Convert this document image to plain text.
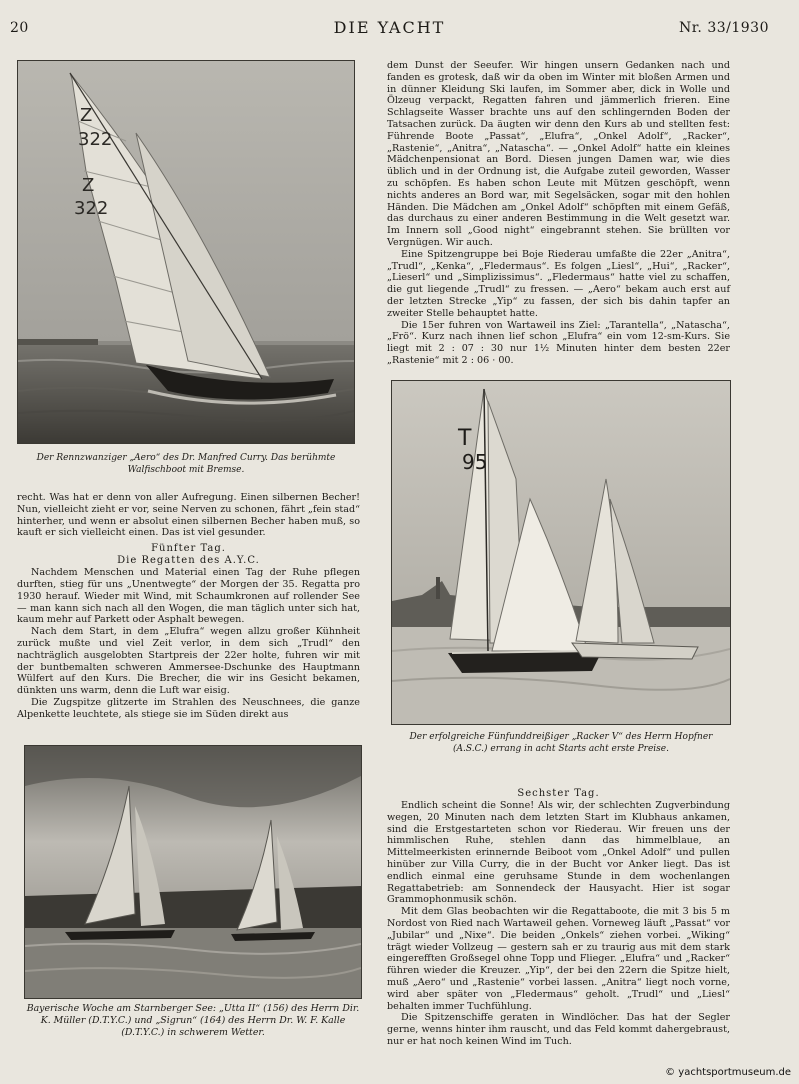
20	DIE YACHT	Nr. 33/1930
Z
322
Z
322
Der Rennzwanziger „Aero“ des Dr. Manfred Curry. Das berühmte Walfischboot mit Bremse.

recht. Was hat er denn von aller Aufregung. Einen silbernen Becher! Nun, vielleicht zieht er vor, seine Nerven zu schonen, fährt „fein stad“ hinterher, und wenn er absolut einen silbernen Becher haben muß, so kauft er sich vielleicht einen. Das ist viel gesunder.

Fünfter Tag.
Die Regatten des A.Y.C.

Nachdem Menschen und Material einen Tag der Ruhe pflegen durften, stieg für uns „Unentwegte“ der Morgen der 35. Regatta pro 1930 herauf. Wieder mit Wind, mit Schaumkronen auf rollender See — man kann sich nach all den Wogen, die man täglich unter sich hat, kaum mehr auf Parkett oder Asphalt bewegen.

Nach dem Start, in dem „Elufra“ wegen allzu großer Kühnheit zurück mußte und viel Zeit verlor, in dem sich „Trudl“ den nachträglich ausgelobten Startpreis der 22er holte, fuhren wir mit der buntbemalten schweren Ammersee-Dschunke des Hauptmann Wülfert auf den Kurs. Die Brecher, die wir ins Gesicht bekamen, dünkten uns warm, denn die Luft war eisig.

Die Zugspitze glitzerte im Strahlen des Neuschnees, die ganze Alpenkette leuchtete, als stiege sie im Süden direkt aus

Bayerische Woche am Starnberger See: „Utta II“ (156) des Herrn Dir. K. Müller (D.T.Y.C.) und „Sigrun“ (164) des Herrn Dr. W. F. Kalle (D.T.Y.C.) in schwerem Wetter.

dem Dunst der Seeufer. Wir hingen unsern Gedanken nach und fanden es grotesk, daß wir da oben im Winter mit bloßen Armen und in dünner Kleidung Ski laufen, im Sommer aber, dick in Wolle und Ölzeug verpackt, Regatten fahren und jämmerlich frieren. Eine Schlagseite Wasser brachte uns auf den schlingernden Boden der Tatsachen zurück. Da äugten wir denn den Kurs ab und stellten fest: Führende Boote „Passat“, „Elufra“, „Onkel Adolf“, „Racker“, „Rastenie“, „Anitra“, „Natascha“. — „Onkel Adolf“ hatte ein kleines Mädchenpensionat an Bord. Diesen jungen Damen war, wie dies üblich und in der Ordnung ist, die Aufgabe zuteil geworden, Wasser zu schöpfen. Es haben schon Leute mit Mützen geschöpft, wenn nichts anderes an Bord war, mit Segelsäcken, sogar mit den hohlen Händen. Die Mädchen am „Onkel Adolf“ schöpften mit einem Gefäß, das durchaus zu einer anderen Bestimmung in die Welt gesetzt war. Im Innern soll „Good night“ eingebrannt stehen. Sie brüllten vor Vergnügen. Wir auch.

Eine Spitzengruppe bei Boje Riederau umfaßte die 22er „Anitra“, „Trudl“, „Kenka“, „Fledermaus“. Es folgen „Liesl“, „Hui“, „Racker“, „Lieserl“ und „Simplizissimus“. „Fledermaus“ hatte viel zu schaffen, die gut liegende „Trudl“ zu fressen. — „Aero“ bekam auch erst auf der letzten Strecke „Yip“ zu fassen, der sich bis dahin tapfer an zweiter Stelle behauptet hatte.

Die 15er fuhren von Wartaweil ins Ziel: „Tarantella“, „Natascha“, „Frö“. Kurz nach ihnen lief schon „Elufra“ ein vom 12-sm-Kurs. Sie liegt mit 2 : 07 : 30 nur 1½ Minuten hinter dem besten 22er „Rastenie“ mit 2 : 06 · 00.

T
95
Der erfolgreiche Fünfunddreißiger „Racker V“ des Herrn Hopfner (A.S.C.) errang in acht Starts acht erste Preise.
Sechster Tag.

Endlich scheint die Sonne! Als wir, der schlechten Zugverbindung wegen, 20 Minuten nach dem letzten Start im Klubhaus ankamen, sind die Erstgestarteten schon vor Riederau. Wir freuen uns der himmlischen Ruhe, stehlen dann das himmelblaue, an Mittelmeerkisten erinnernde Beiboot vom „Onkel Adolf“ und pullen hinüber zur Villa Curry, die in der Bucht vor Anker liegt. Das ist endlich einmal eine geruhsame Stunde in dem wochenlangen Regattabetrieb: am Sonnendeck der Hausyacht. Hier ist sogar Grammophonmusik schön.

Mit dem Glas beobachten wir die Regattaboote, die mit 3 bis 5 m Nordost von Ried nach Wartaweil gehen. Vorneweg läuft „Passat“ vor „Jubilar“ und „Nixe“. Die beiden „Onkels“ ziehen vorbei. „Wiking“ trägt wieder Vollzeug — gestern sah er zu traurig aus mit dem stark eingerefften Großsegel ohne Topp und Flieger. „Elufra“ und „Racker“ führen wieder die Kreuzer. „Yip“, der bei den 22ern die Spitze hielt, muß „Aero“ und „Rastenie“ vorbei lassen. „Anitra“ liegt noch vorne, wird aber später von „Fledermaus“ geholt. „Trudl“ und „Liesl“ behalten immer Tuchfühlung.

Die Spitzenschiffe geraten in Windlöcher. Das hat der Segler gerne, wenns hinter ihm rauscht, und das Feld kommt dahergebraust, nur er hat noch keinen Wind im Tuch.

© yachtsportmuseum.de
